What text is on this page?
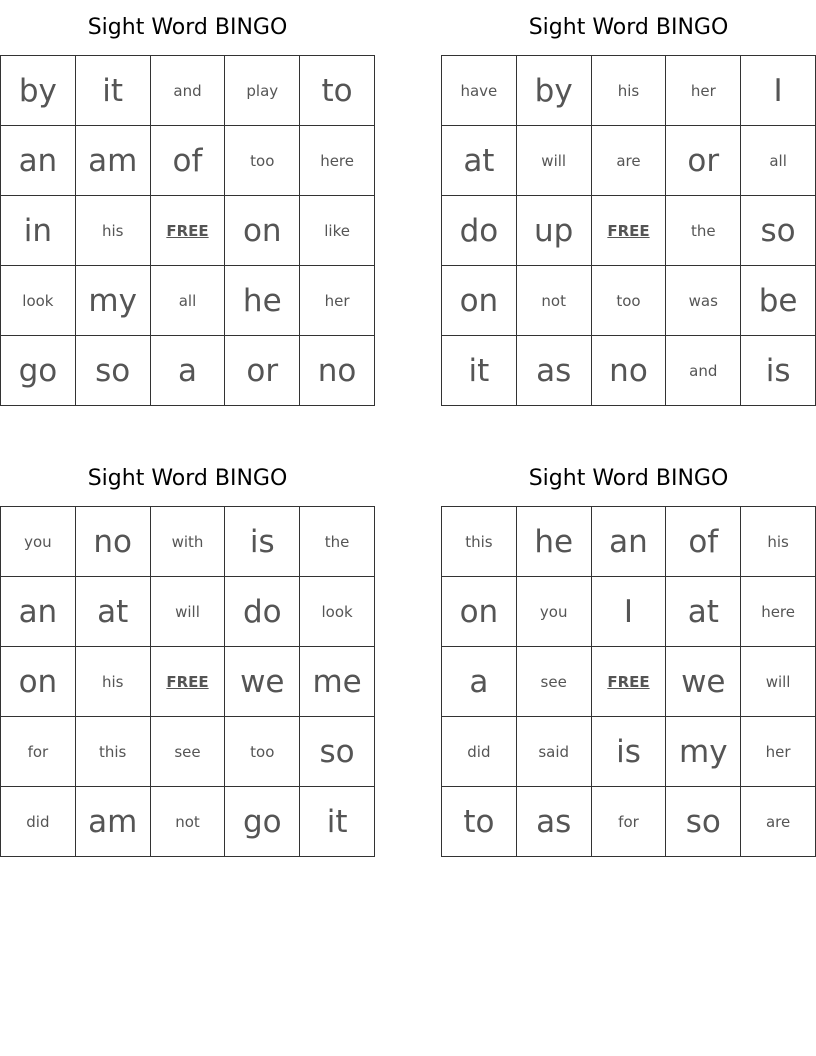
Sight Word BINGO
by	it	and	play	to
an	am	of	too	here
in	his	FREE	on	like
look	my	all	he	her
go	so	a	or	no
Sight Word BINGO
have	by	his	her	I
at	will	are	or	all
do	up	FREE	the	so
on	not	too	was	be
it	as	no	and	is
Sight Word BINGO
you	no	with	is	the
an	at	will	do	look
on	his	FREE	we	me
for	this	see	too	so
did	am	not	go	it
Sight Word BINGO
this	he	an	of	his
on	you	I	at	here
a	see	FREE	we	will
did	said	is	my	her
to	as	for	so	are
